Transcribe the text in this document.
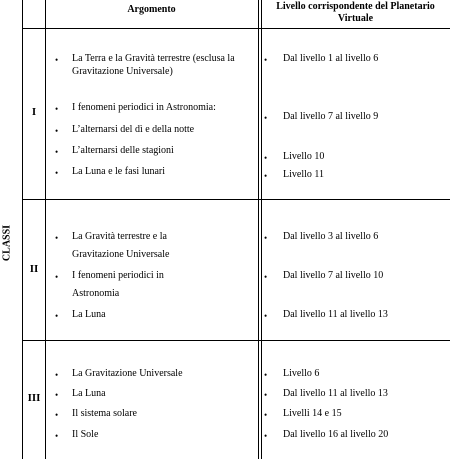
Argomento	Livello corrispondente del Planetario
Virtuale
CLASSI
I
• La Terra e la Gravità terrestre (esclusa la
Gravitazione Universale)
• I fenomeni periodici in Astronomia:
• L’alternarsi del dì e della notte
• L’alternarsi delle stagioni
• La Luna e le fasi lunari
• Dal livello 1 al livello 6
• Dal livello 7 al livello 9
• Livello 10
• Livello 11
II
• La Gravità terrestre e la
Gravitazione Universale
• I fenomeni periodici in
Astronomia
• La Luna
• Dal livello 3 al livello 6
• Dal livello 7 al livello 10
• Dal livello 11 al livello 13
III
• La Gravitazione Universale
• La Luna
• Il sistema solare
• Il Sole
• Livello 6
• Dal livello 11 al livello 13
• Livelli 14 e 15
• Dal livello 16 al livello 20
